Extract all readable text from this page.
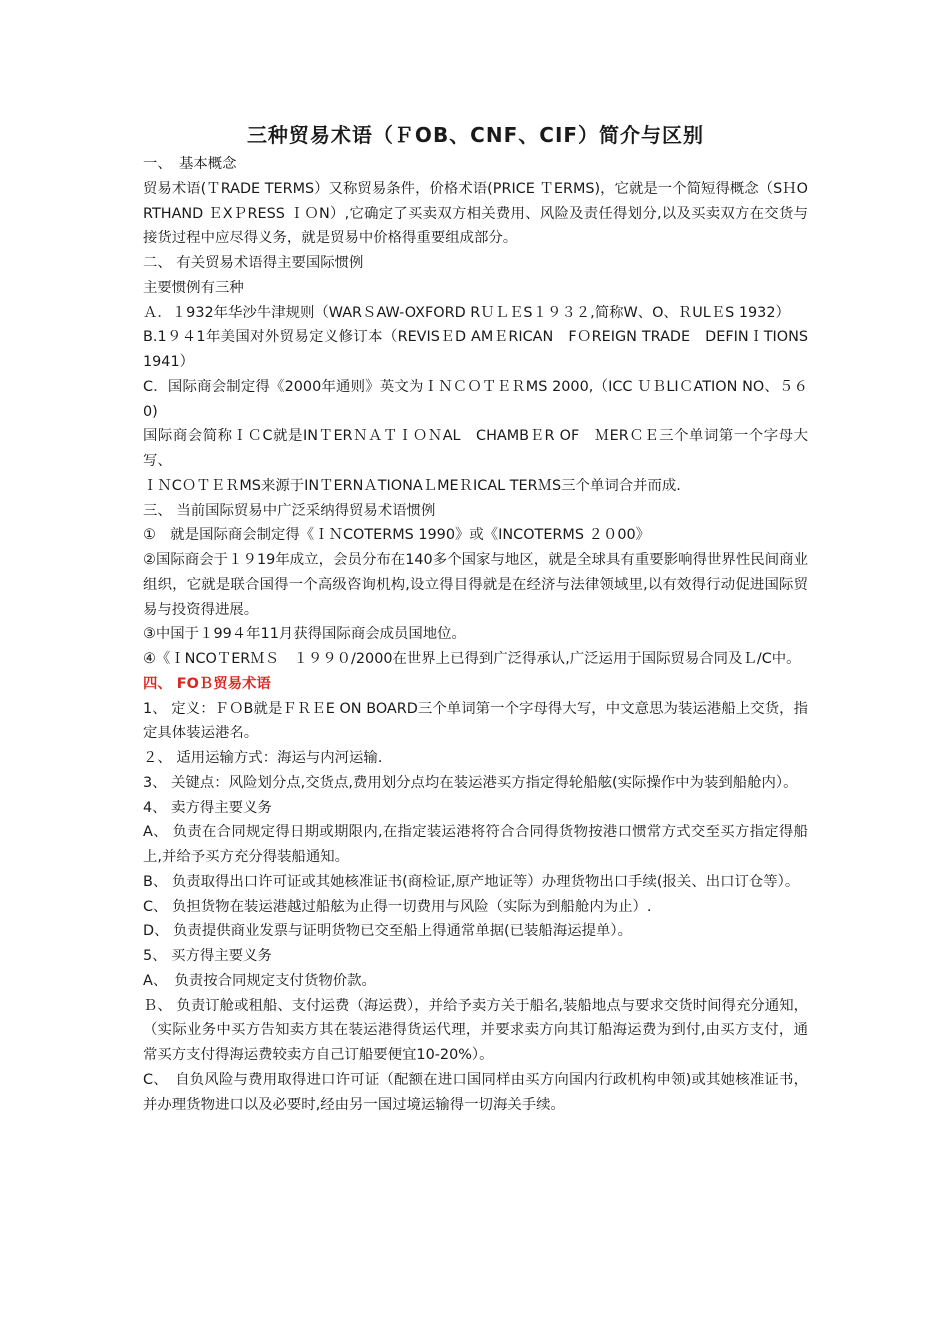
三种贸易术语（ＦOB、CNF、CIF）简介与区别

一、　基本概念

贸易术语(ＴRADE TERMS）又称贸易条件，价格术语(PRICE ＴERMS)，它就是一个简短得概念（SＨORTHAND ＥXＰRESS ＩＯN）,它确定了买卖双方相关费用、风险及责任得划分,以及买卖双方在交货与接货过程中应尽得义务，就是贸易中价格得重要组成部分。

二、 有关贸易术语得主要国际惯例

主要惯例有三种

Ａ．１932年华沙牛津规则（WARＳAW-OXFORD RＵＬＥS１９３２,简称W、O、ＲULＥS 1932）

B.1９４1年美国对外贸易定义修订本（REVISＥD AMＥRICAN　FＯREIGN TRADE　DEFINＩTIONS 1941）

C．国际商会制定得《2000年通则》英文为ＩＮＣＯＴＥＲMS 2000,（ICC ＵＢLIＣATION NO、５６0)

国际商会简称ＩＣC就是INＴERＮＡＴＩＯＮAL　CHAMBＥR OF　ＭERＣＥ三个单词第一个字母大写、

ＩＮCＯＴＥＲMS来源于INＴERNＡTIONAＬMEＲICAL TERＭS三个单词合并而成.

三、 当前国际贸易中广泛采纳得贸易术语惯例

①　就是国际商会制定得《ＩＮCOTERMS 1990》或《INCOTERMS ２０00》

②国际商会于１９19年成立，会员分布在140多个国家与地区，就是全球具有重要影响得世界性民间商业组织，它就是联合国得一个高级咨询机构,设立得目得就是在经济与法律领域里,以有效得行动促进国际贸易与投资得进展。

③中国于１99４年11月获得国际商会成员国地位。

④《ＩNCOＴERＭＳ　１９９０/2000在世界上已得到广泛得承认,广泛运用于国际贸易合同及Ｌ/C中。

四、 FOＢ贸易术语

1、 定义：ＦＯB就是ＦＲＥE ON BOARD三个单词第一个字母得大写，中文意思为装运港船上交货，指定具体装运港名。

２、 适用运输方式：海运与内河运输.

3、 关键点：风险划分点,交货点,费用划分点均在装运港买方指定得轮船舷(实际操作中为装到船舱内）。

4、 卖方得主要义务

A、 负责在合同规定得日期或期限内,在指定装运港将符合合同得货物按港口惯常方式交至买方指定得船上,并给予买方充分得装船通知。

B、 负责取得出口许可证或其她核准证书(商检证,原产地证等）办理货物出口手续(报关、出口订仓等）。

C、 负担货物在装运港越过船舷为止得一切费用与风险（实际为到船舱内为止）.

D、 负责提供商业发票与证明货物已交至船上得通常单据(已装船海运提单）。

5、 买方得主要义务

A、　负责按合同规定支付货物价款。

Ｂ、 负责订舱或租船、支付运费（海运费），并给予卖方关于船名,装船地点与要求交货时间得充分通知，（实际业务中买方告知卖方其在装运港得货运代理，并要求卖方向其订船海运费为到付,由买方支付，通常买方支付得海运费较卖方自己订船要便宜10-20%）。

C、　自负风险与费用取得进口许可证（配额在进口国同样由买方向国内行政机构申领)或其她核准证书，并办理货物进口以及必要时,经由另一国过境运输得一切海关手续。
